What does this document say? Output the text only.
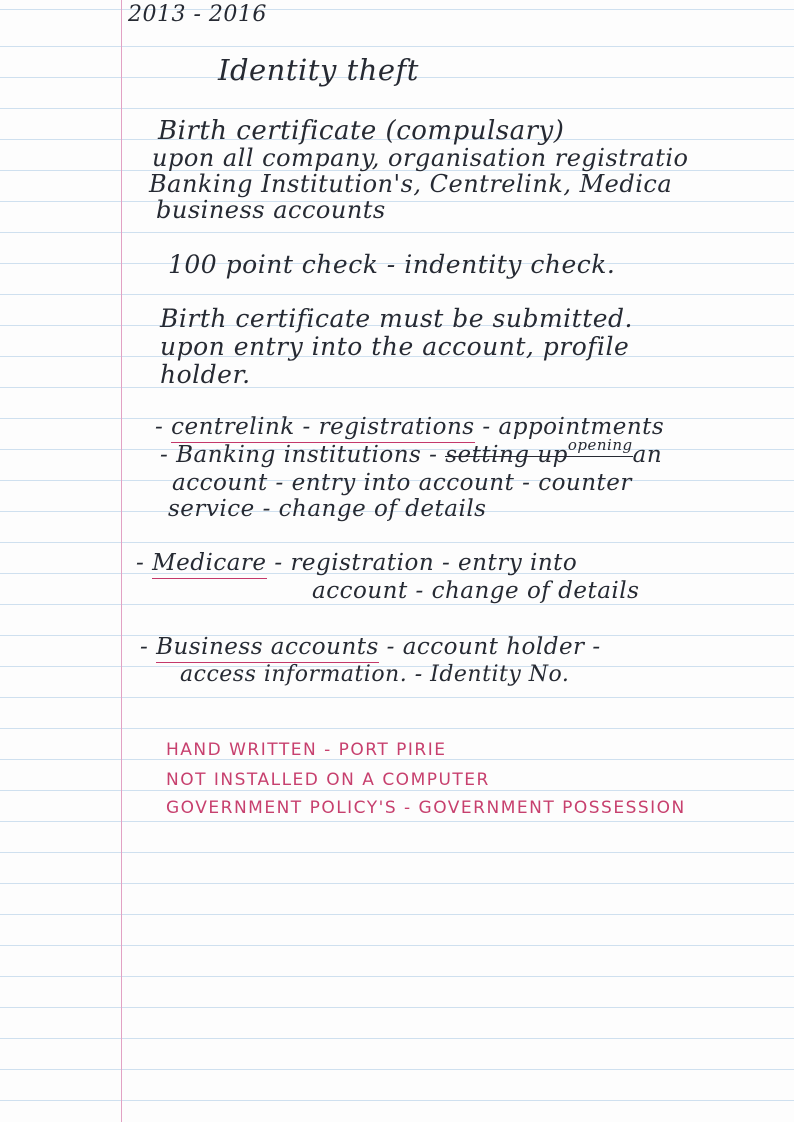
2013 - 2016
Identity theft
Birth certificate (compulsary)
upon all company, organisation registratio
Banking Institution's, Centrelink, Medica
business accounts
100 point check - indentity check.
Birth certificate must be submitted.
upon entry into the account, profile
holder.
- centrelink - registrations - appointments
- Banking institutions - setting $up^{opening}an$
account - entry into account - counter
service - change of details
- Medicare - registration - entry into
account - change of details
- Business accounts - account holder -
access information. - Identity No.
HAND WRITTEN - PORT PIRIE
NOT INSTALLED ON A COMPUTER
GOVERNMENT POLICY'S - GOVERNMENT POSSESSION
